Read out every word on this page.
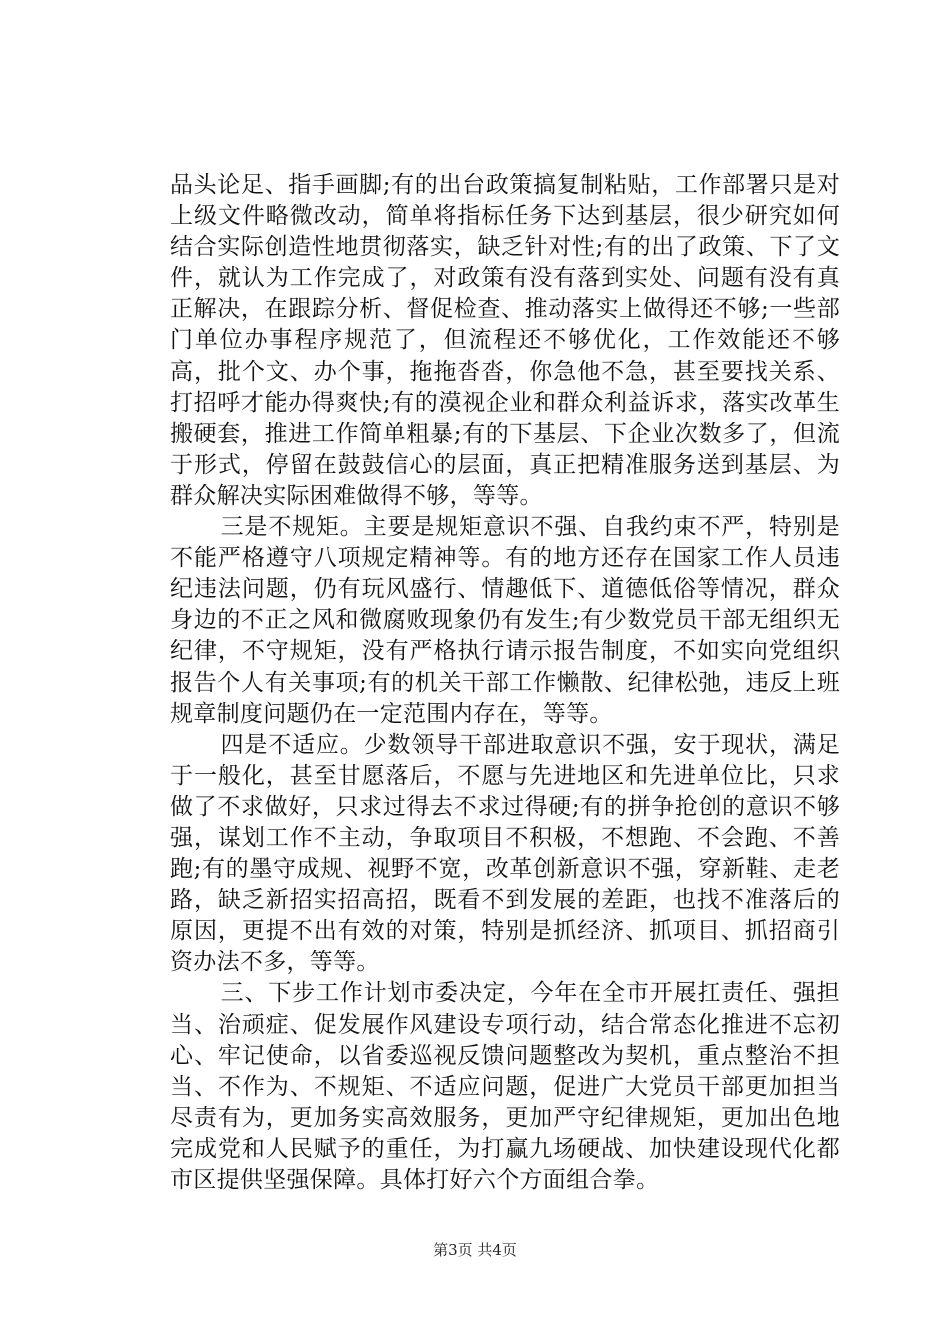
品头论足、指手画脚;有的出台政策搞复制粘贴，工作部署只是对上级文件略微改动，简单将指标任务下达到基层，很少研究如何结合实际创造性地贯彻落实，缺乏针对性;有的出了政策、下了文件，就认为工作完成了，对政策有没有落到实处、问题有没有真正解决，在跟踪分析、督促检查、推动落实上做得还不够;一些部门单位办事程序规范了，但流程还不够优化，工作效能还不够高，批个文、办个事，拖拖沓沓，你急他不急，甚至要找关系、打招呼才能办得爽快;有的漠视企业和群众利益诉求，落实改革生搬硬套，推进工作简单粗暴;有的下基层、下企业次数多了，但流于形式，停留在鼓鼓信心的层面，真正把精准服务送到基层、为群众解决实际困难做得不够，等等。

三是不规矩。主要是规矩意识不强、自我约束不严，特别是不能严格遵守八项规定精神等。有的地方还存在国家工作人员违纪违法问题，仍有玩风盛行、情趣低下、道德低俗等情况，群众身边的不正之风和微腐败现象仍有发生;有少数党员干部无组织无纪律，不守规矩，没有严格执行请示报告制度，不如实向党组织报告个人有关事项;有的机关干部工作懒散、纪律松弛，违反上班规章制度问题仍在一定范围内存在，等等。

四是不适应。少数领导干部进取意识不强，安于现状，满足于一般化，甚至甘愿落后，不愿与先进地区和先进单位比，只求做了不求做好，只求过得去不求过得硬;有的拼争抢创的意识不够强，谋划工作不主动，争取项目不积极，不想跑、不会跑、不善跑;有的墨守成规、视野不宽，改革创新意识不强，穿新鞋、走老路，缺乏新招实招高招，既看不到发展的差距，也找不准落后的原因，更提不出有效的对策，特别是抓经济、抓项目、抓招商引资办法不多，等等。

三、下步工作计划市委决定，今年在全市开展扛责任、强担当、治顽症、促发展作风建设专项行动，结合常态化推进不忘初心、牢记使命，以省委巡视反馈问题整改为契机，重点整治不担当、不作为、不规矩、不适应问题，促进广大党员干部更加担当尽责有为，更加务实高效服务，更加严守纪律规矩，更加出色地完成党和人民赋予的重任，为打赢九场硬战、加快建设现代化都市区提供坚强保障。具体打好六个方面组合拳。

第3页 共4页
